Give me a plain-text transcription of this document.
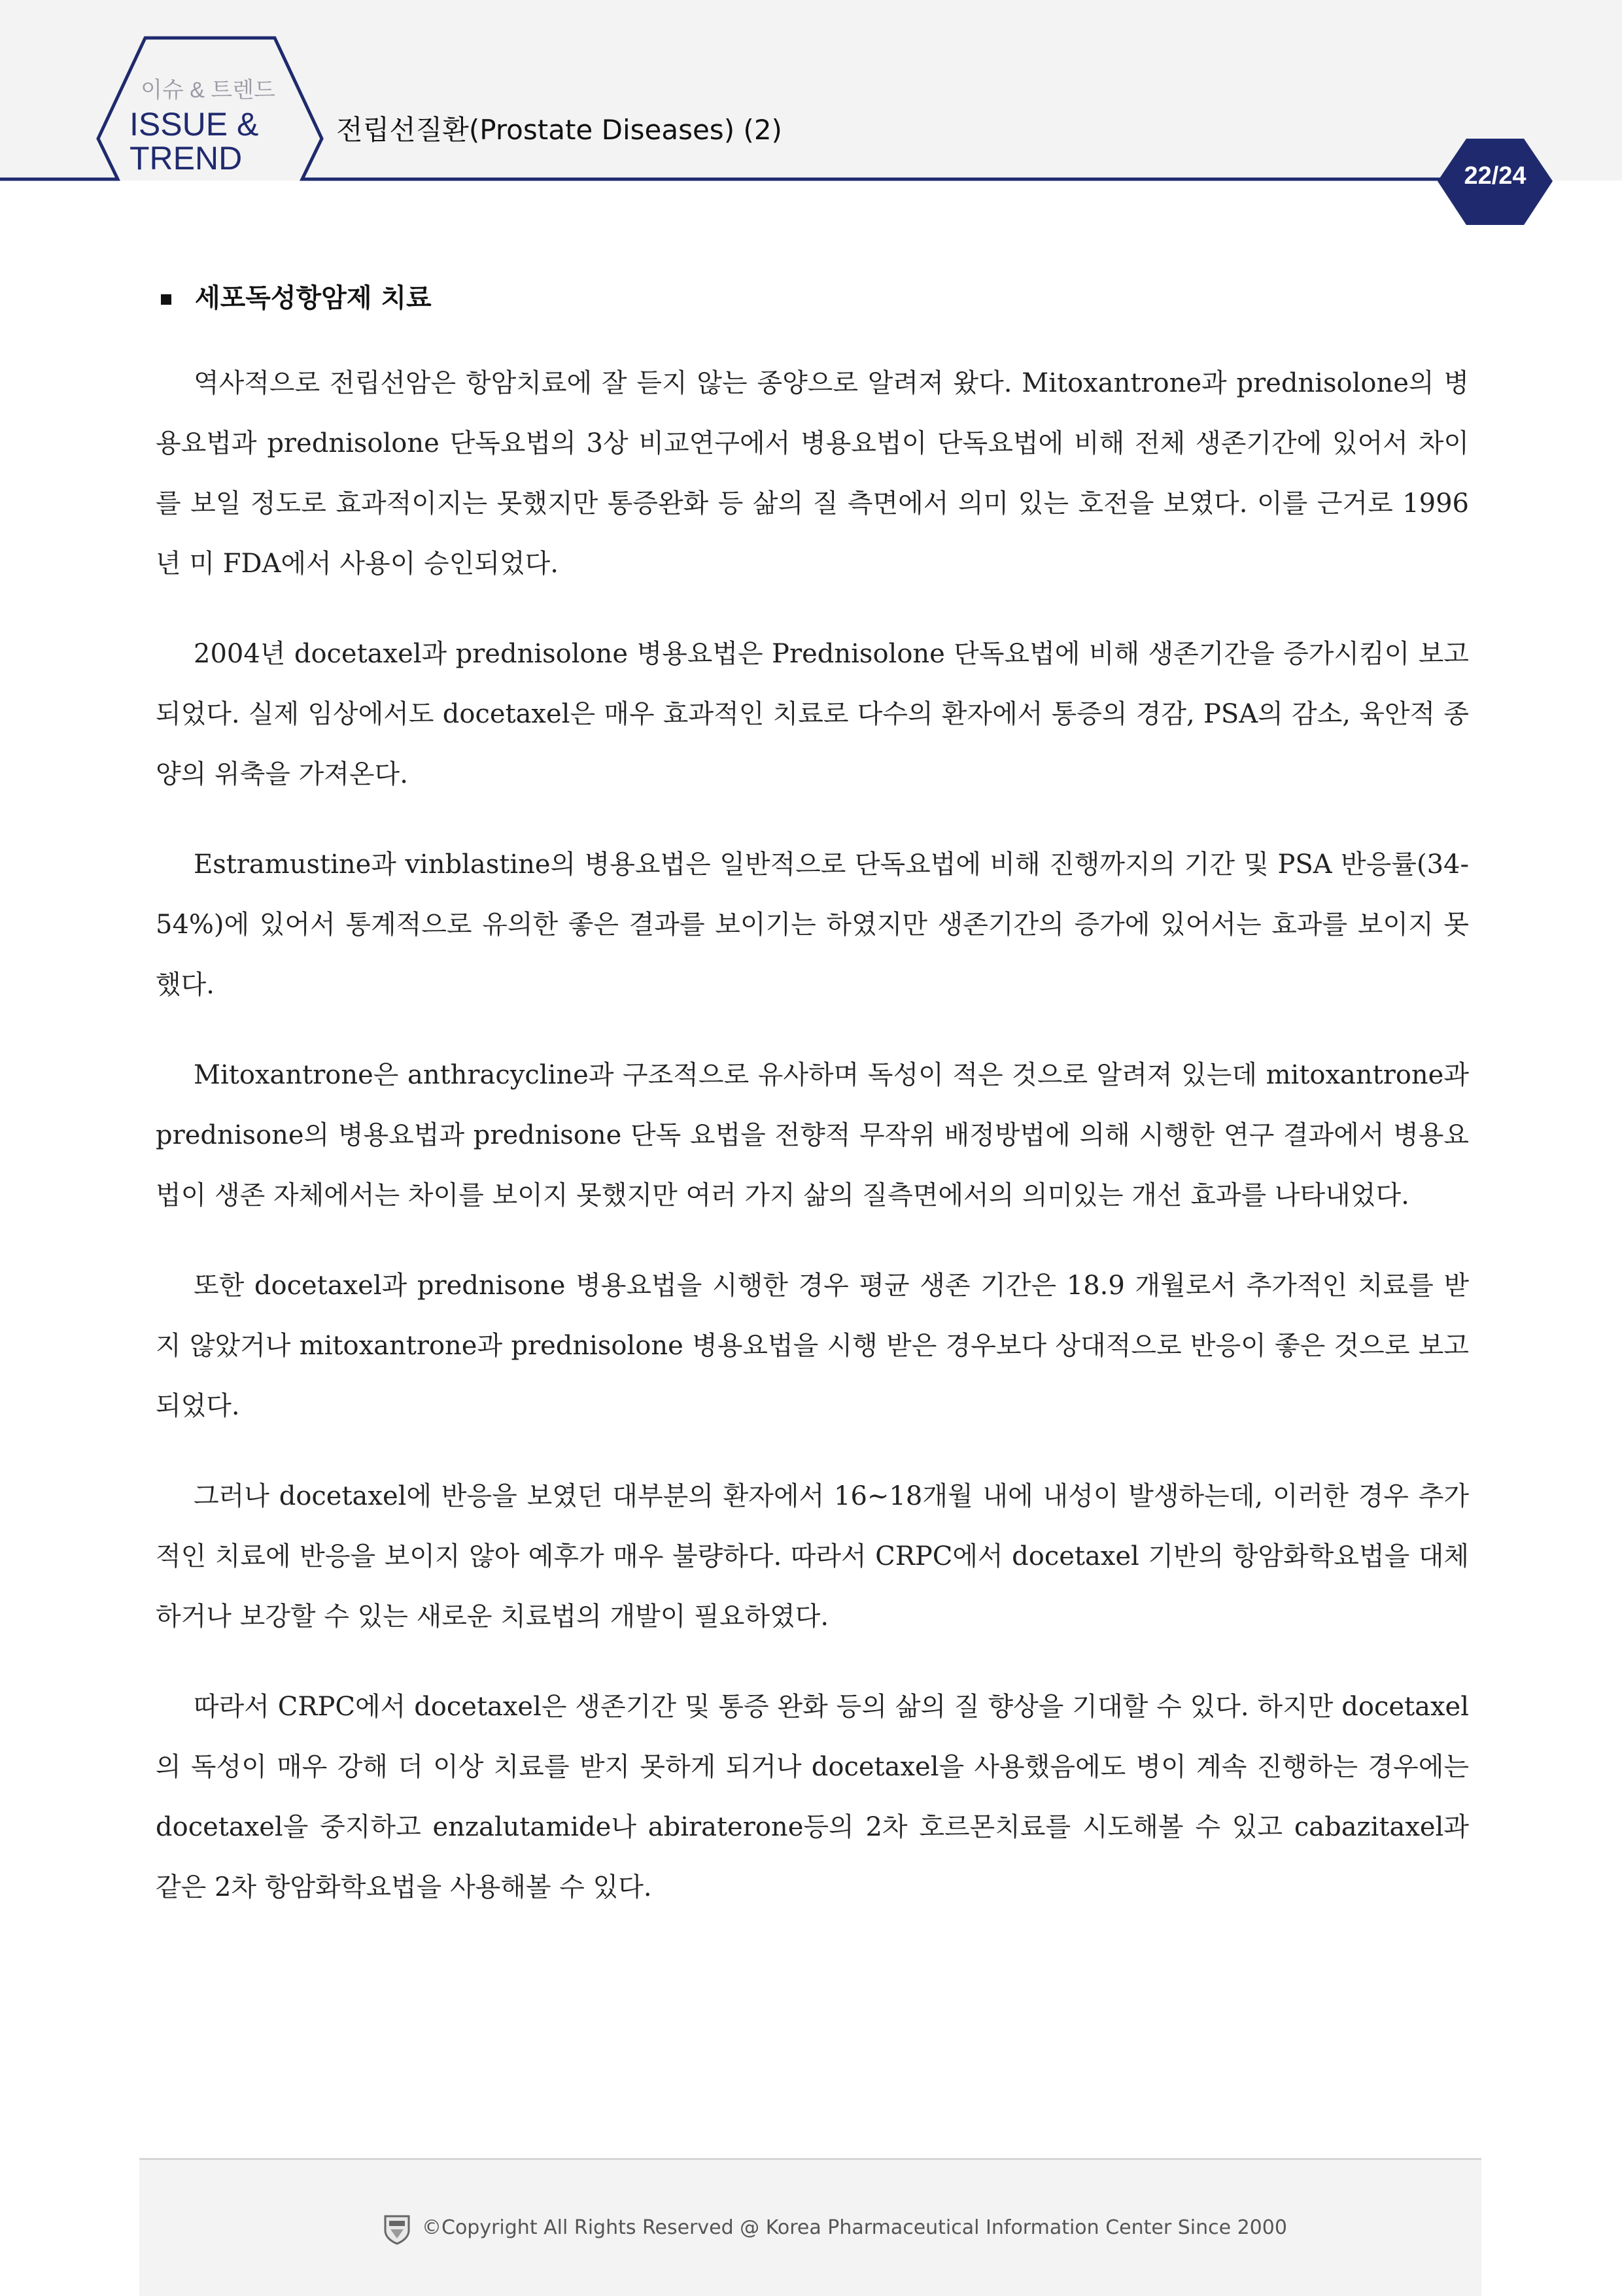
이슈 & 트렌드
ISSUE &
TREND
전립선질환(Prostate Diseases) (2)
22/24
세포독성항암제 치료

역사적으로 전립선암은 항암치료에 잘 듣지 않는 종양으로 알려져 왔다. Mitoxantrone과 prednisolone의 병용요법과 prednisolone 단독요법의 3상 비교연구에서 병용요법이 단독요법에 비해 전체 생존기간에 있어서 차이를 보일 정도로 효과적이지는 못했지만 통증완화 등 삶의 질 측면에서 의미 있는 호전을 보였다. 이를 근거로 1996년 미 FDA에서 사용이 승인되었다.

2004년 docetaxel과 prednisolone 병용요법은 Prednisolone 단독요법에 비해 생존기간을 증가시킴이 보고되었다. 실제 임상에서도 docetaxel은 매우 효과적인 치료로 다수의 환자에서 통증의 경감, PSA의 감소, 육안적 종양의 위축을 가져온다.

Estramustine과 vinblastine의 병용요법은 일반적으로 단독요법에 비해 진행까지의 기간 및 PSA 반응률(34-54%)에 있어서 통계적으로 유의한 좋은 결과를 보이기는 하였지만 생존기간의 증가에 있어서는 효과를 보이지 못했다.

Mitoxantrone은 anthracycline과 구조적으로 유사하며 독성이 적은 것으로 알려져 있는데 mitoxantrone과 prednisone의 병용요법과 prednisone 단독 요법을 전향적 무작위 배정방법에 의해 시행한 연구 결과에서 병용요법이 생존 자체에서는 차이를 보이지 못했지만 여러 가지 삶의 질측면에서의 의미있는 개선 효과를 나타내었다.

또한 docetaxel과 prednisone 병용요법을 시행한 경우 평균 생존 기간은 18.9 개월로서 추가적인 치료를 받지 않았거나 mitoxantrone과 prednisolone 병용요법을 시행 받은 경우보다 상대적으로 반응이 좋은 것으로 보고되었다.

그러나 docetaxel에 반응을 보였던 대부분의 환자에서 16~18개월 내에 내성이 발생하는데, 이러한 경우 추가적인 치료에 반응을 보이지 않아 예후가 매우 불량하다. 따라서 CRPC에서 docetaxel 기반의 항암화학요법을 대체하거나 보강할 수 있는 새로운 치료법의 개발이 필요하였다.

따라서 CRPC에서 docetaxel은 생존기간 및 통증 완화 등의 삶의 질 향상을 기대할 수 있다. 하지만 docetaxel의 독성이 매우 강해 더 이상 치료를 받지 못하게 되거나 docetaxel을 사용했음에도 병이 계속 진행하는 경우에는 docetaxel을 중지하고 enzalutamide나 abiraterone등의 2차 호르몬치료를 시도해볼 수 있고 cabazitaxel과 같은 2차 항암화학요법을 사용해볼 수 있다.

©Copyright All Rights Reserved @ Korea Pharmaceutical Information Center Since 2000
